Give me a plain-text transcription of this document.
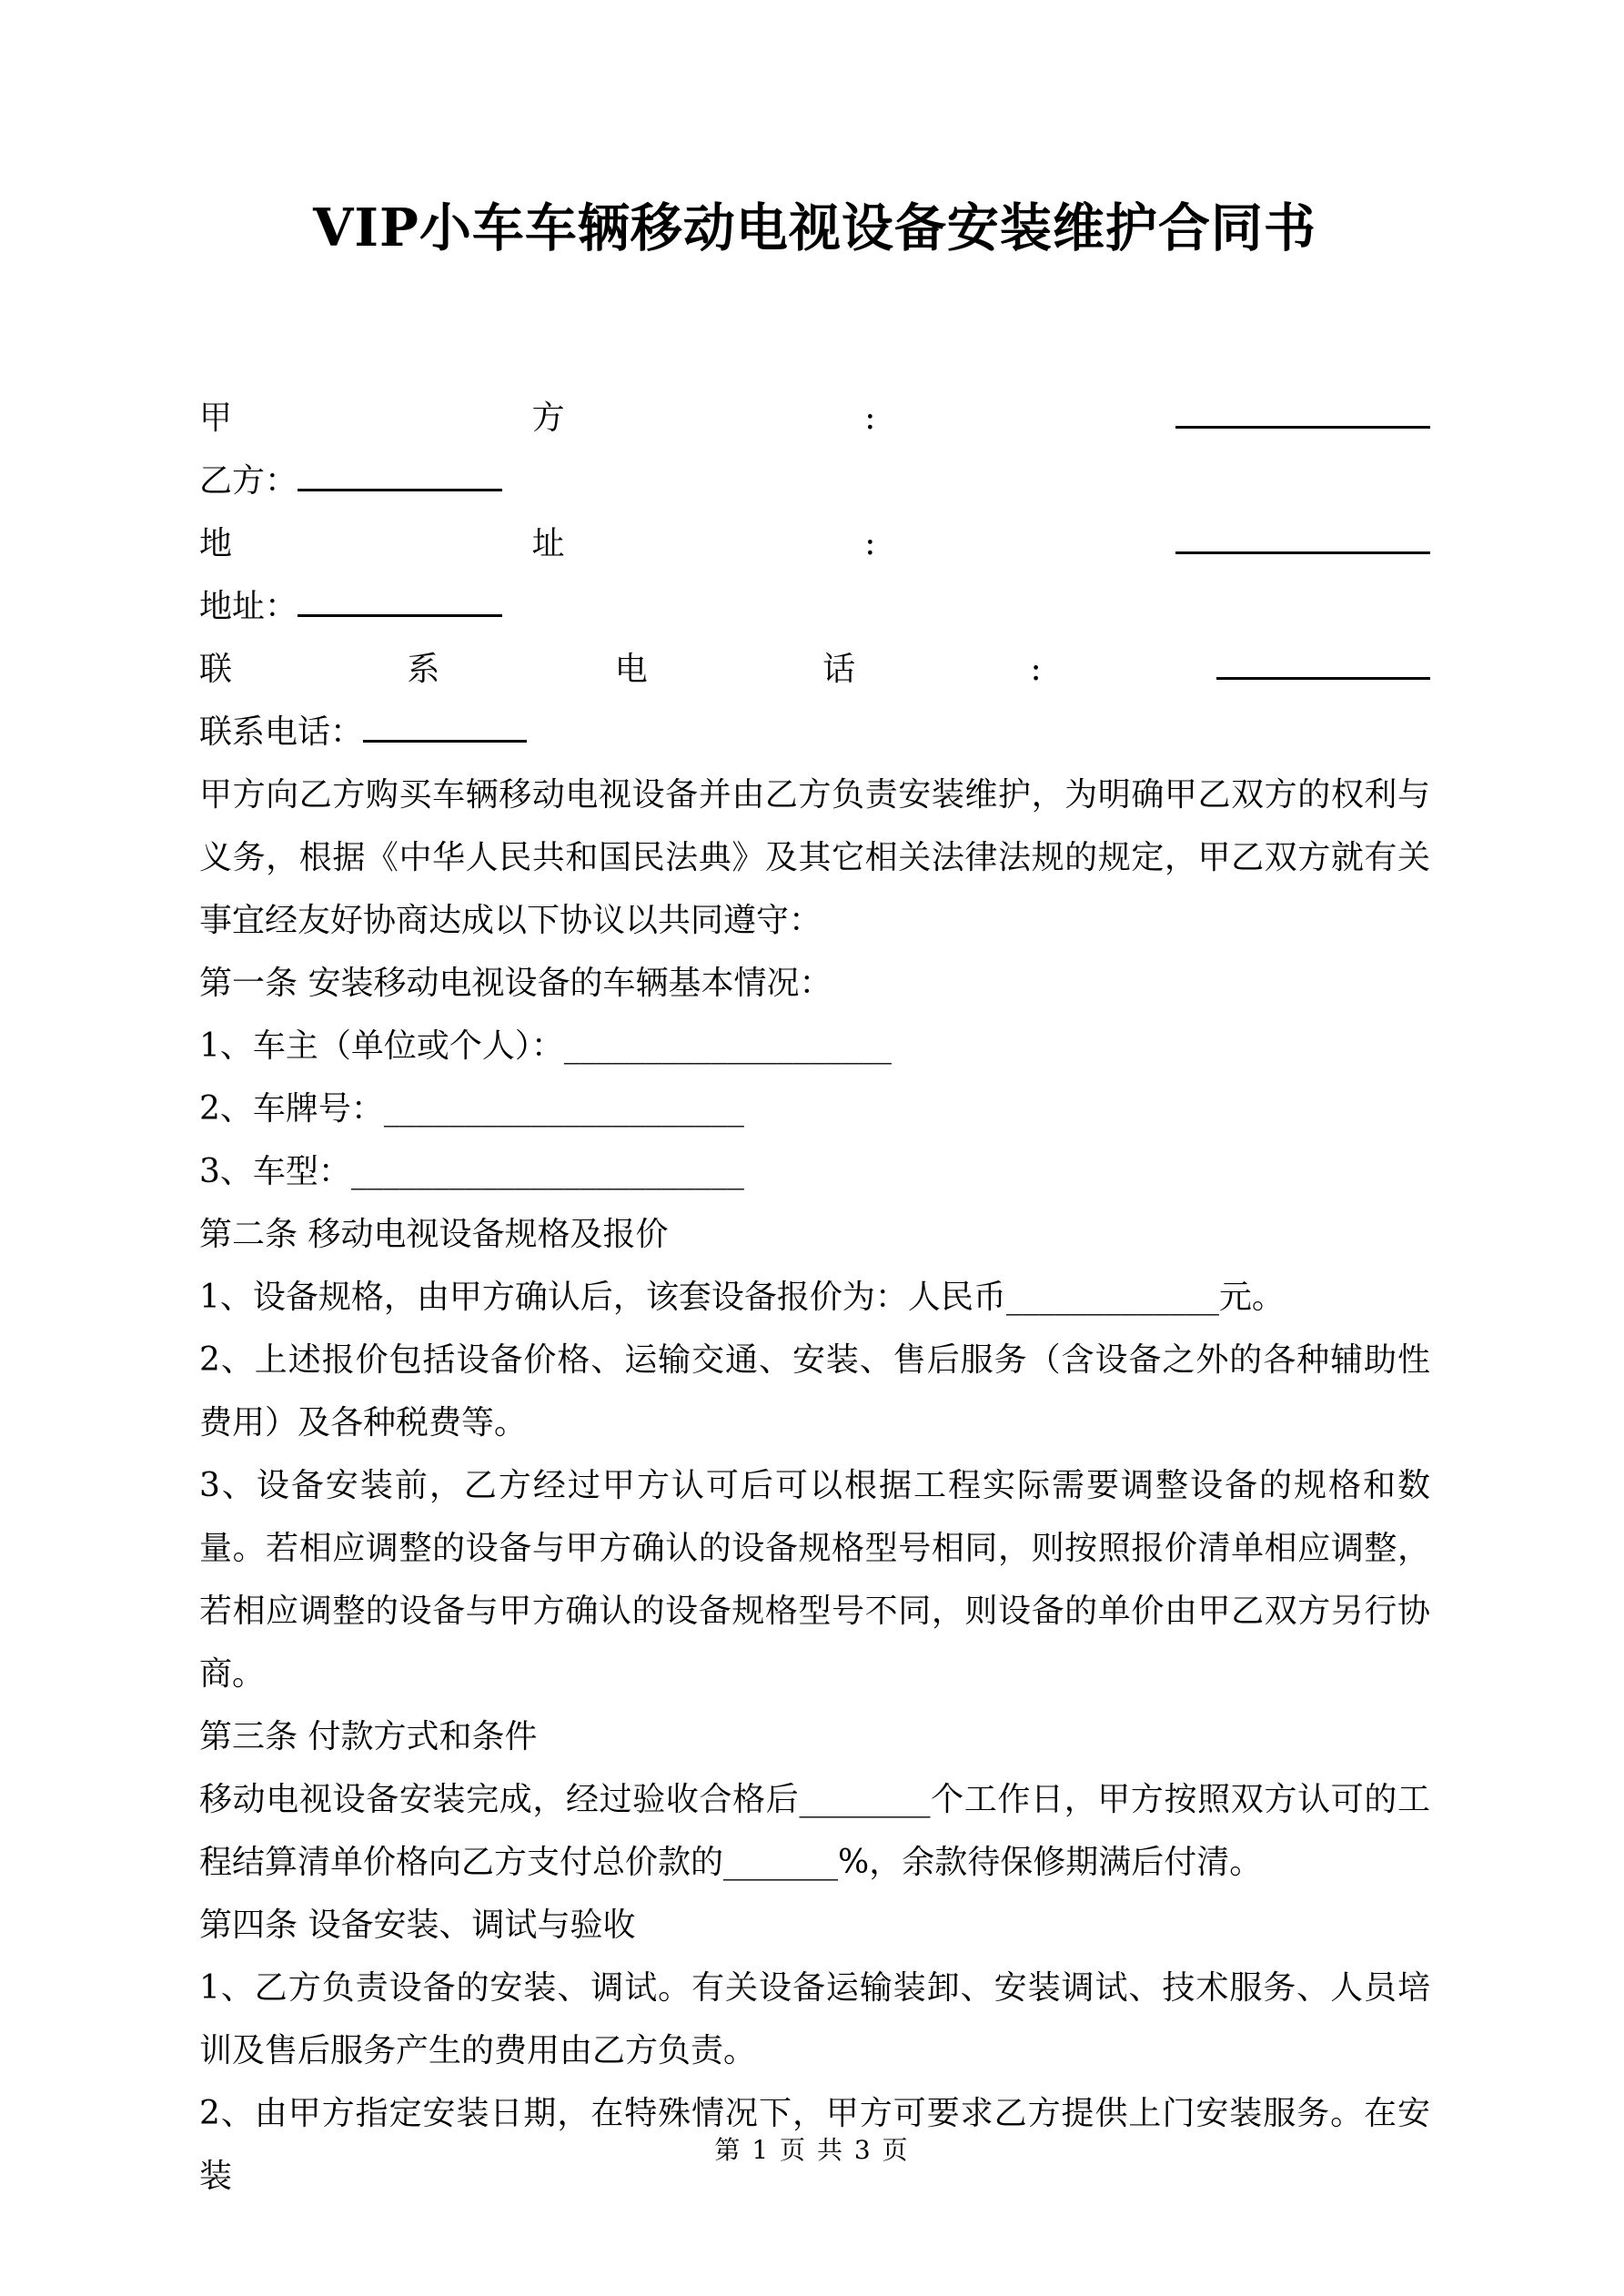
VIP小车车辆移动电视设备安装维护合同书
甲	方	:
乙方：
地	址	:
地址：
联	系	电	话	:
联系电话：

甲方向乙方购买车辆移动电视设备并由乙方负责安装维护，为明确甲乙双方的权利与义务，根据《中华人民共和国民法典》及其它相关法律法规的规定，甲乙双方就有关事宜经友好协商达成以下协议以共同遵守：

第一条 安装移动电视设备的车辆基本情况：

1、车主（单位或个人）：____________________

2、车牌号：______________________

3、车型：________________________

第二条 移动电视设备规格及报价

1、设备规格，由甲方确认后，该套设备报价为：人民币_____________元。

2、上述报价包括设备价格、运输交通、安装、售后服务（含设备之外的各种辅助性费用）及各种税费等。

3、设备安装前，乙方经过甲方认可后可以根据工程实际需要调整设备的规格和数量。若相应调整的设备与甲方确认的设备规格型号相同，则按照报价清单相应调整，若相应调整的设备与甲方确认的设备规格型号不同，则设备的单价由甲乙双方另行协商。

第三条 付款方式和条件

移动电视设备安装完成，经过验收合格后________个工作日，甲方按照双方认可的工程结算清单价格向乙方支付总价款的_______%，余款待保修期满后付清。

第四条 设备安装、调试与验收

1、乙方负责设备的安装、调试。有关设备运输装卸、安装调试、技术服务、人员培训及售后服务产生的费用由乙方负责。

2、由甲方指定安装日期，在特殊情况下，甲方可要求乙方提供上门安装服务。在安装

第 1 页 共 3 页
